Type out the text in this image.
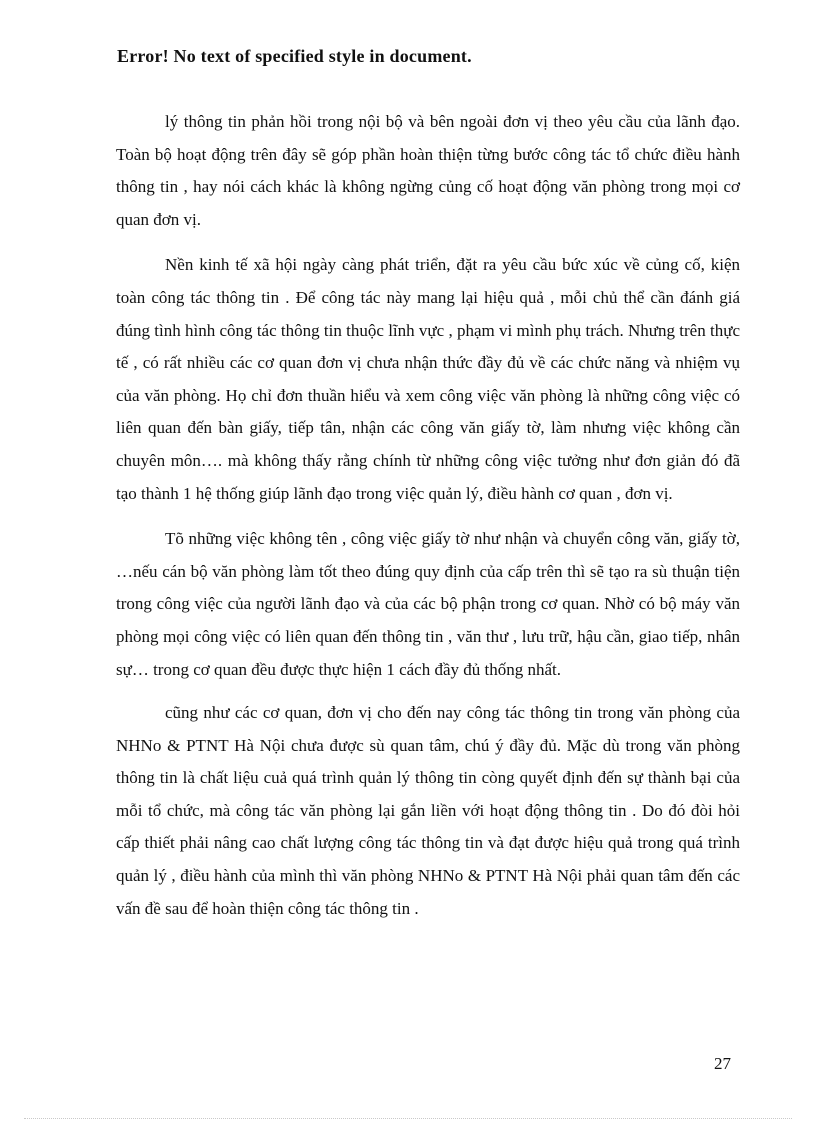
Error! No text of specified style in document.

lý thông tin phản hồi trong nội bộ và bên ngoài đơn vị theo yêu cầu của lãnh đạo. Toàn bộ hoạt động trên đây sẽ góp phần hoàn thiện từng bước công tác tổ chức điều hành thông tin , hay nói cách khác là không ngừng củng cố hoạt động văn phòng trong mọi cơ quan đơn vị.

Nền kinh tế xã hội ngày càng phát triển, đặt ra yêu cầu bức xúc về củng cố, kiện toàn công tác thông tin . Để công tác này mang lại hiệu quả , mỗi chủ thể cần đánh giá đúng tình hình công tác thông tin thuộc lĩnh vực , phạm vi mình phụ trách. Nhưng trên thực tế , có rất nhiều các cơ quan đơn vị chưa nhận thức đầy đủ về các chức năng và nhiệm vụ của văn phòng. Họ chỉ đơn thuần hiểu và xem công việc văn phòng là những công việc có liên quan đến bàn giấy, tiếp tân, nhận các công văn giấy tờ, làm nhưng việc không cần chuyên môn…. mà không thấy rằng chính từ những công việc tưởng như đơn giản đó đã tạo thành 1 hệ thống giúp lãnh đạo trong việc quản lý, điều hành cơ quan , đơn vị.

Tõ những việc không tên , công việc giấy tờ như nhận và chuyển công văn, giấy tờ, …nếu cán bộ văn phòng làm tốt theo đúng quy định của cấp trên thì sẽ tạo ra sù thuận tiện trong công việc của người lãnh đạo và của các bộ phận trong cơ quan. Nhờ có bộ máy văn phòng mọi công việc có liên quan đến thông tin , văn thư , lưu trữ, hậu cần, giao tiếp, nhân sự… trong cơ quan đều được thực hiện 1 cách đầy đủ thống nhất.

cũng như các cơ quan, đơn vị cho đến nay công tác thông tin trong văn phòng của NHNo & PTNT Hà Nội chưa được sù quan tâm, chú ý đầy đủ. Mặc dù trong văn phòng thông tin là chất liệu cuả quá trình quản lý thông tin còng quyết định đến sự thành bại của mỗi tổ chức, mà công tác văn phòng lại gắn liền với hoạt động thông tin . Do đó đòi hỏi cấp thiết phải nâng cao chất lượng công tác thông tin và đạt được hiệu quả trong quá trình quản lý , điều hành của mình thì văn phòng NHNo & PTNT Hà Nội phải quan tâm đến các vấn đề sau để hoàn thiện công tác thông tin .

27
